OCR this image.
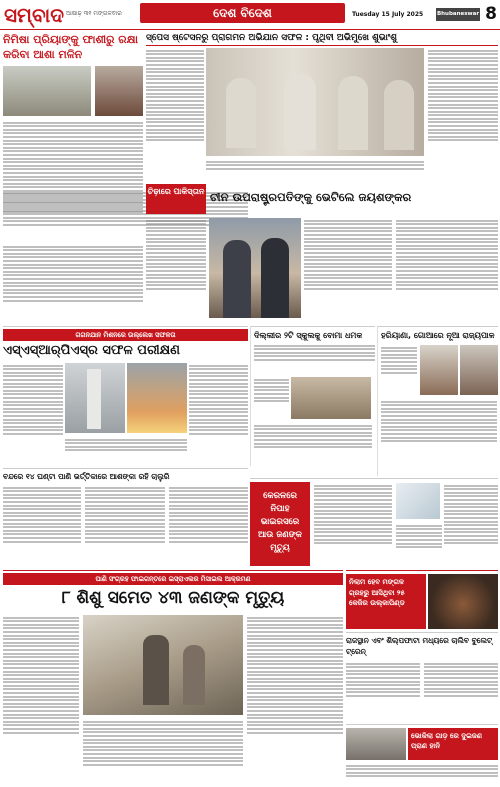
ସମ୍ବାଦ ଆଷାଢ଼ ୩୧ ମଙ୍ଗଳବାର	ଦେଶ ବିଦେଶ	Tuesday 15 July 2025	Bhubaneswar 8
ନିମିଷା ପ୍ରିୟାଙ୍କୁ ଫାଶୀରୁ ରକ୍ଷା କରିବା ଆଶା ମଳିନ
ସ୍ପେସ ଷ୍ଟେସନରୁ ପ୍ରାଗମନ ଅଭିଯାନ ସଫଳ : ପୃଥିବୀ ଅଭିମୁଖେ ଶୁଭାଂଶୁ
ଚିଢ଼ାରେ ପାକିସ୍ତାନ ଚୀନ ଉପରାଷ୍ଟ୍ରପତିଙ୍କୁ ଭେଟିଲେ ଜୟଶଙ୍କର
ଗଗନଯାନ ମିଶନରେ ଉଲ୍ଲେଖ ସଫଳତା
ଏସ୍‌ଏସ୍‌ଆର୍‌ପିଏସ୍‌ର ସଫଳ ପରୀକ୍ଷଣ
ଦିଲ୍ଲୀର ୨ଟି ସ୍କୁଲକୁ ବୋମା ଧମକ	ହରିୟାଣା, ଗୋଆରେ ନୂଆ ରାଜ୍ୟପାଳ
ବନ୍ଦରେ ୧୪ ଘଣ୍ଟା ପାଣି ଭର୍ତ୍ତିକାରେ ଆଶଙ୍କା ରହି ଚାଲୁରି
କେରଳରେ ନିପାହ ଭାଇରସରେ ଆଉ ଜଣଙ୍କ ମୃତ୍ୟୁ
ପାଣି ସଂଗ୍ରହ ଫାଇଗନ୍ତରେ ଇସ୍ରାଏଲର ମିସାଇଲ ଆକ୍ରମଣ
୮ ଶିଶୁ ସମେତ ୪୩ ଜଣଙ୍କ ମୃତ୍ୟୁ
ନିଲାମ ହେବ ମଙ୍ଗଳ ଗ୍ରହରୁ ଆସିଥିବା ୨୫ କେଜିର ଉଲ୍‌କାପିଣ୍ଡ
ରାଜସ୍ଥାନ ଏବଂ ଶିଲ୍ପଫାଟା ମଧ୍ୟରେ ଚାଲିବ ବୁଲେଟ୍ ଟ୍ରେନ୍
ଭୋକିଲା ଗାଡ଼ ରେ ଦୁଇଜଣ ପ୍ରାଣ ହାନି
